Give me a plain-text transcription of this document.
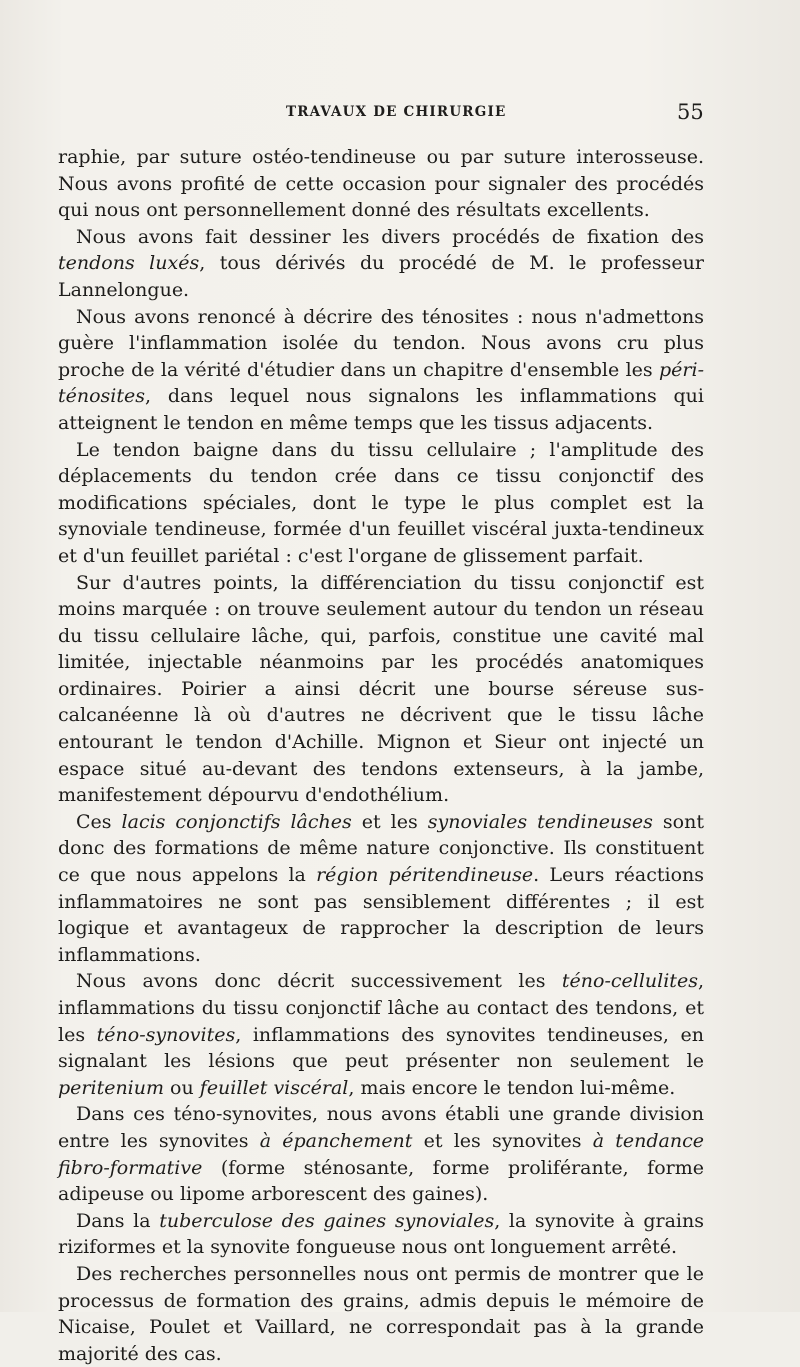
TRAVAUX DE CHIRURGIE	55

raphie, par suture ostéo-tendineuse ou par suture interosseuse. Nous avons profité de cette occasion pour signaler des procédés qui nous ont personnellement donné des résultats excellents.

Nous avons fait dessiner les divers procédés de fixation des tendons luxés, tous dérivés du procédé de M. le professeur Lannelongue.

Nous avons renoncé à décrire des ténosites : nous n'admettons guère l'inflammation isolée du tendon. Nous avons cru plus proche de la vérité d'étudier dans un chapitre d'ensemble les péri-ténosites, dans lequel nous signalons les inflammations qui atteignent le tendon en même temps que les tissus adjacents.

Le tendon baigne dans du tissu cellulaire ; l'amplitude des déplacements du tendon crée dans ce tissu conjonctif des modifications spéciales, dont le type le plus complet est la synoviale tendineuse, formée d'un feuillet viscéral juxta-tendineux et d'un feuillet pariétal : c'est l'organe de glissement parfait.

Sur d'autres points, la différenciation du tissu conjonctif est moins marquée : on trouve seulement autour du tendon un réseau du tissu cellulaire lâche, qui, parfois, constitue une cavité mal limitée, injectable néanmoins par les procédés anatomiques ordinaires. Poirier a ainsi décrit une bourse séreuse sus-calcanéenne là où d'autres ne décrivent que le tissu lâche entourant le tendon d'Achille. Mignon et Sieur ont injecté un espace situé au-devant des tendons extenseurs, à la jambe, manifestement dépourvu d'endothélium.

Ces lacis conjonctifs lâches et les synoviales tendineuses sont donc des formations de même nature conjonctive. Ils constituent ce que nous appelons la région péritendineuse. Leurs réactions inflammatoires ne sont pas sensiblement différentes ; il est logique et avantageux de rapprocher la description de leurs inflammations.

Nous avons donc décrit successivement les téno-cellulites, inflammations du tissu conjonctif lâche au contact des tendons, et les téno-synovites, inflammations des synovites tendineuses, en signalant les lésions que peut présenter non seulement le peritenium ou feuillet viscéral, mais encore le tendon lui-même.

Dans ces téno-synovites, nous avons établi une grande division entre les synovites à épanchement et les synovites à tendance fibro-formative (forme sténosante, forme proliférante, forme adipeuse ou lipome arborescent des gaines).

Dans la tuberculose des gaines synoviales, la synovite à grains riziformes et la synovite fongueuse nous ont longuement arrêté.

Des recherches personnelles nous ont permis de montrer que le processus de formation des grains, admis depuis le mémoire de Nicaise, Poulet et Vaillard, ne correspondait pas à la grande majorité des cas.
